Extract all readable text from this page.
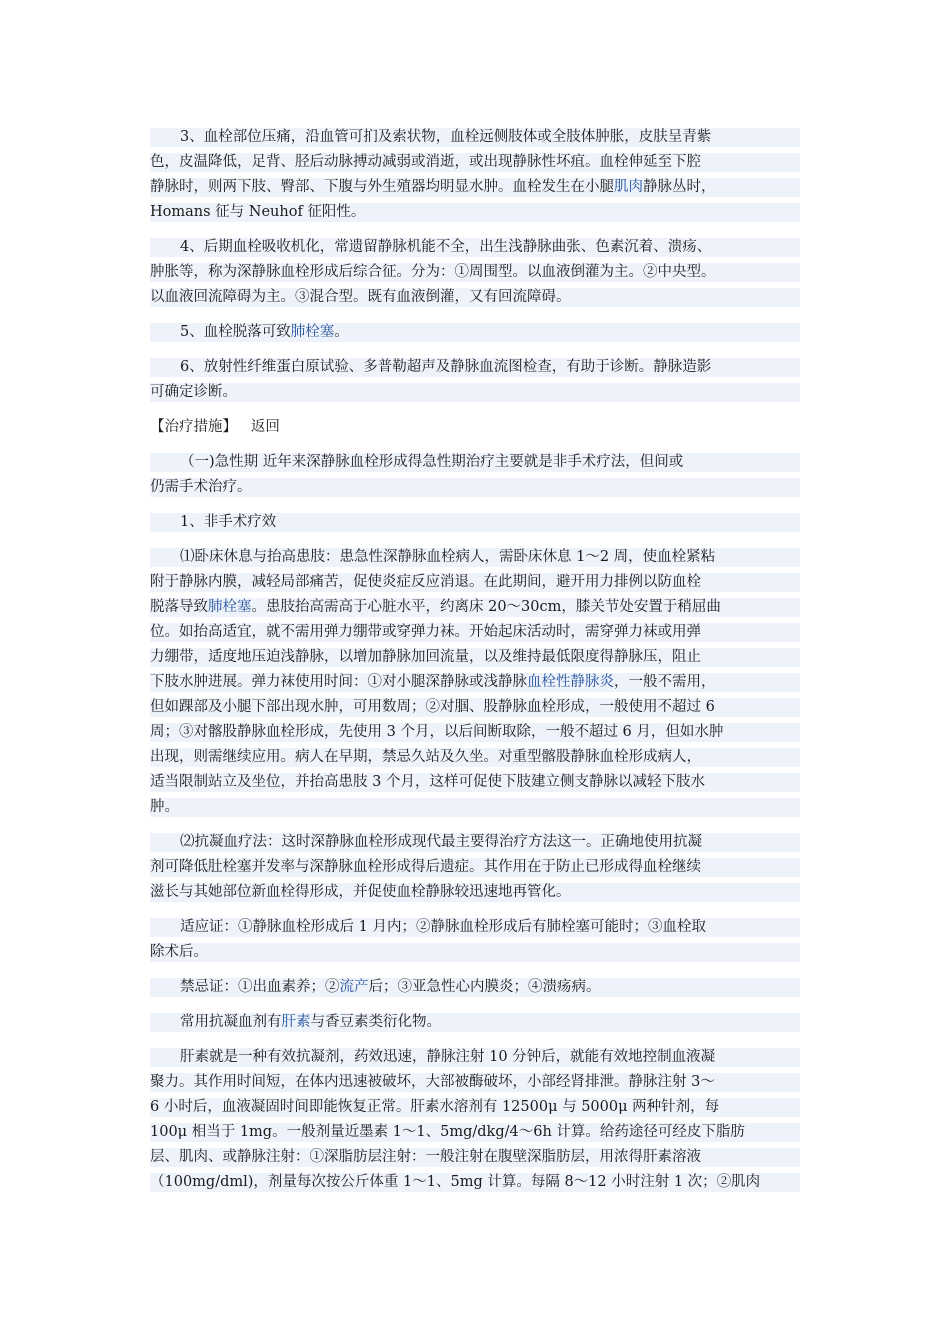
3、血栓部位压痛，沿血管可扪及索状物，血栓远侧肢体或全肢体肿胀，皮肤呈青紫
色，皮温降低，足背、胫后动脉搏动减弱或消逝，或出现静脉性坏疽。血栓伸延至下腔
静脉时，则两下肢、臀部、下腹与外生殖器均明显水肿。血栓发生在小腿肌肉静脉丛时，
Homans 征与 Neuhof 征阳性。
4、后期血栓吸收机化，常遗留静脉机能不全，出生浅静脉曲张、色素沉着、溃疡、
肿胀等，称为深静脉血栓形成后综合征。分为：①周围型。以血液倒灌为主。②中央型。
以血液回流障碍为主。③混合型。既有血液倒灌，又有回流障碍。
5、血栓脱落可致肺栓塞。
6、放射性纤维蛋白原试验、多普勒超声及静脉血流图检查，有助于诊断。静脉造影
可确定诊断。
【治疗措施】   返回
（一)急性期 近年来深静脉血栓形成得急性期治疗主要就是非手术疗法，但间或
仍需手术治疗。
1、非手术疗效
⑴卧床休息与抬高患肢：患急性深静脉血栓病人，需卧床休息 1～2 周，使血栓紧粘
附于静脉内膜，减轻局部痛苦，促使炎症反应消退。在此期间，避开用力排例以防血栓
脱落导致肺栓塞。患肢抬高需高于心脏水平，约离床 20～30cm，膝关节处安置于稍屈曲
位。如抬高适宜，就不需用弹力绷带或穿弹力袜。开始起床活动时，需穿弹力袜或用弹
力绷带，适度地压迫浅静脉，以增加静脉加回流量，以及维持最低限度得静脉压，阻止
下肢水肿进展。弹力袜使用时间：①对小腿深静脉或浅静脉血栓性静脉炎，一般不需用，
但如踝部及小腿下部出现水肿，可用数周；②对腘、股静脉血栓形成，一般使用不超过 6
周；③对髂股静脉血栓形成，先使用 3 个月，以后间断取除，一般不超过 6 月，但如水肿
出现，则需继续应用。病人在早期，禁忌久站及久坐。对重型髂股静脉血栓形成病人，
适当限制站立及坐位，并抬高患肢 3 个月，这样可促使下肢建立侧支静脉以减轻下肢水
肿。
⑵抗凝血疗法：这时深静脉血栓形成现代最主要得治疗方法这一。正确地使用抗凝
剂可降低肚栓塞并发率与深静脉血栓形成得后遗症。其作用在于防止已形成得血栓继续
滋长与其她部位新血栓得形成，并促使血栓静脉较迅速地再管化。
适应证：①静脉血栓形成后 1 月内；②静脉血栓形成后有肺栓塞可能时；③血栓取
除术后。
禁忌证：①出血素养；②流产后；③亚急性心内膜炎；④溃疡病。
常用抗凝血剂有肝素与香豆素类衍化物。
肝素就是一种有效抗凝剂，药效迅速，静脉注射 10 分钟后，就能有效地控制血液凝
聚力。其作用时间短，在体内迅速被破坏，大部被酶破坏，小部经肾排泄。静脉注射 3～
6 小时后，血液凝固时间即能恢复正常。肝素水溶剂有 12500μ 与 5000μ 两种针剂，每
100μ 相当于 1mg。一般剂量近墨素 1～1、5mg/dkg/4～6h 计算。给药途径可经皮下脂肪
层、肌肉、或静脉注射：①深脂肪层注射：一般注射在腹壁深脂肪层，用浓得肝素溶液
（100mg/dml)，剂量每次按公斤体重 1～1、5mg 计算。每隔 8～12 小时注射 1 次；②肌肉
